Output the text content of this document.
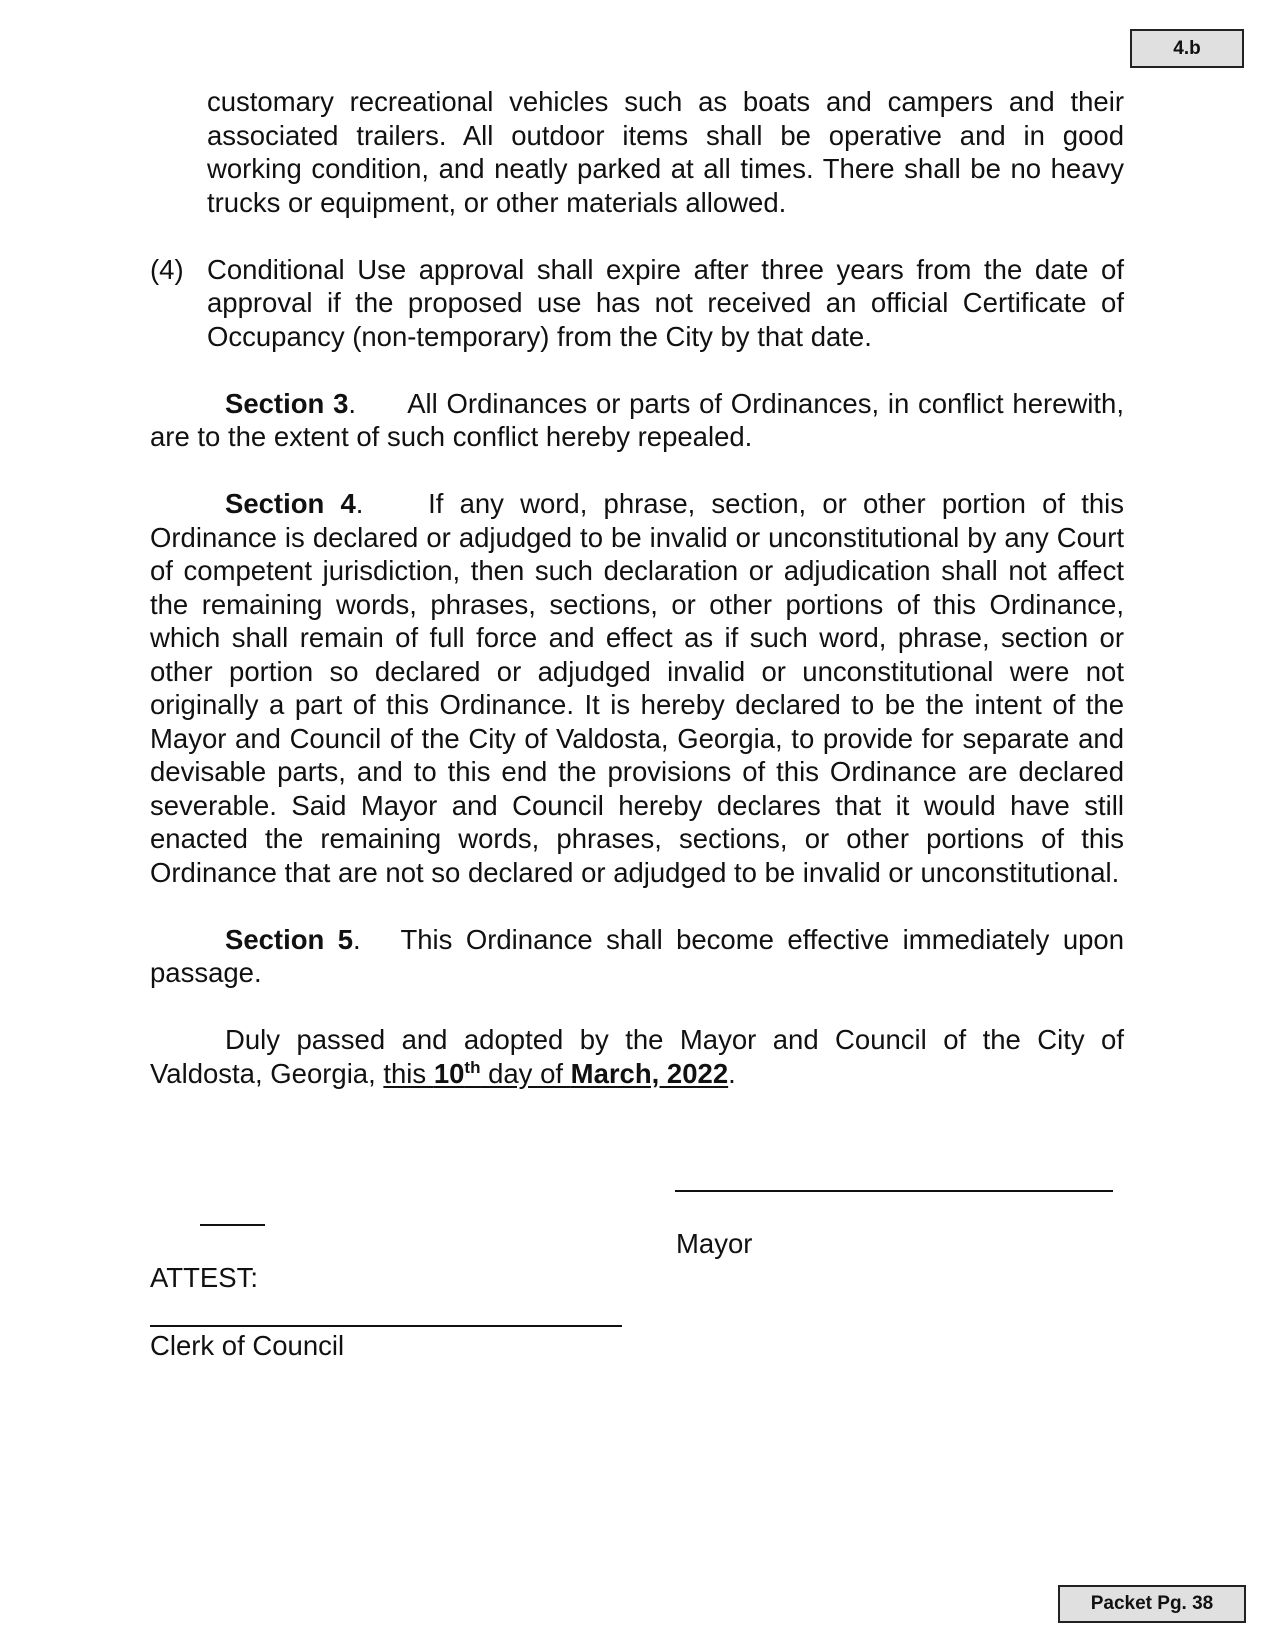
4.b

customary recreational vehicles such as boats and campers and their associated trailers. All outdoor items shall be operative and in good working condition, and neatly parked at all times. There shall be no heavy trucks or equipment, or other materials allowed.

(4) Conditional Use approval shall expire after three years from the date of approval if the proposed use has not received an official Certificate of Occupancy (non-temporary) from the City by that date.

Section 3.      All Ordinances or parts of Ordinances, in conflict herewith, are to the extent of such conflict hereby repealed.

Section 4.    If any word, phrase, section, or other portion of this Ordinance is declared or adjudged to be invalid or unconstitutional by any Court of competent jurisdiction, then such declaration or adjudication shall not affect the remaining words, phrases, sections, or other portions of this Ordinance, which shall remain of full force and effect as if such word, phrase, section or other portion so declared or adjudged invalid or unconstitutional were not originally a part of this Ordinance. It is hereby declared to be the intent of the Mayor and Council of the City of Valdosta, Georgia, to provide for separate and devisable parts, and to this end the provisions of this Ordinance are declared severable. Said Mayor and Council hereby declares that it would have still enacted the remaining words, phrases, sections, or other portions of this Ordinance that are not so declared or adjudged to be invalid or unconstitutional.

Section 5.   This Ordinance shall become effective immediately upon passage.

Duly passed and adopted by the Mayor and Council of the City of Valdosta, Georgia, this 10th day of March, 2022.

Mayor
ATTEST:
Clerk of Council
Packet Pg. 38
